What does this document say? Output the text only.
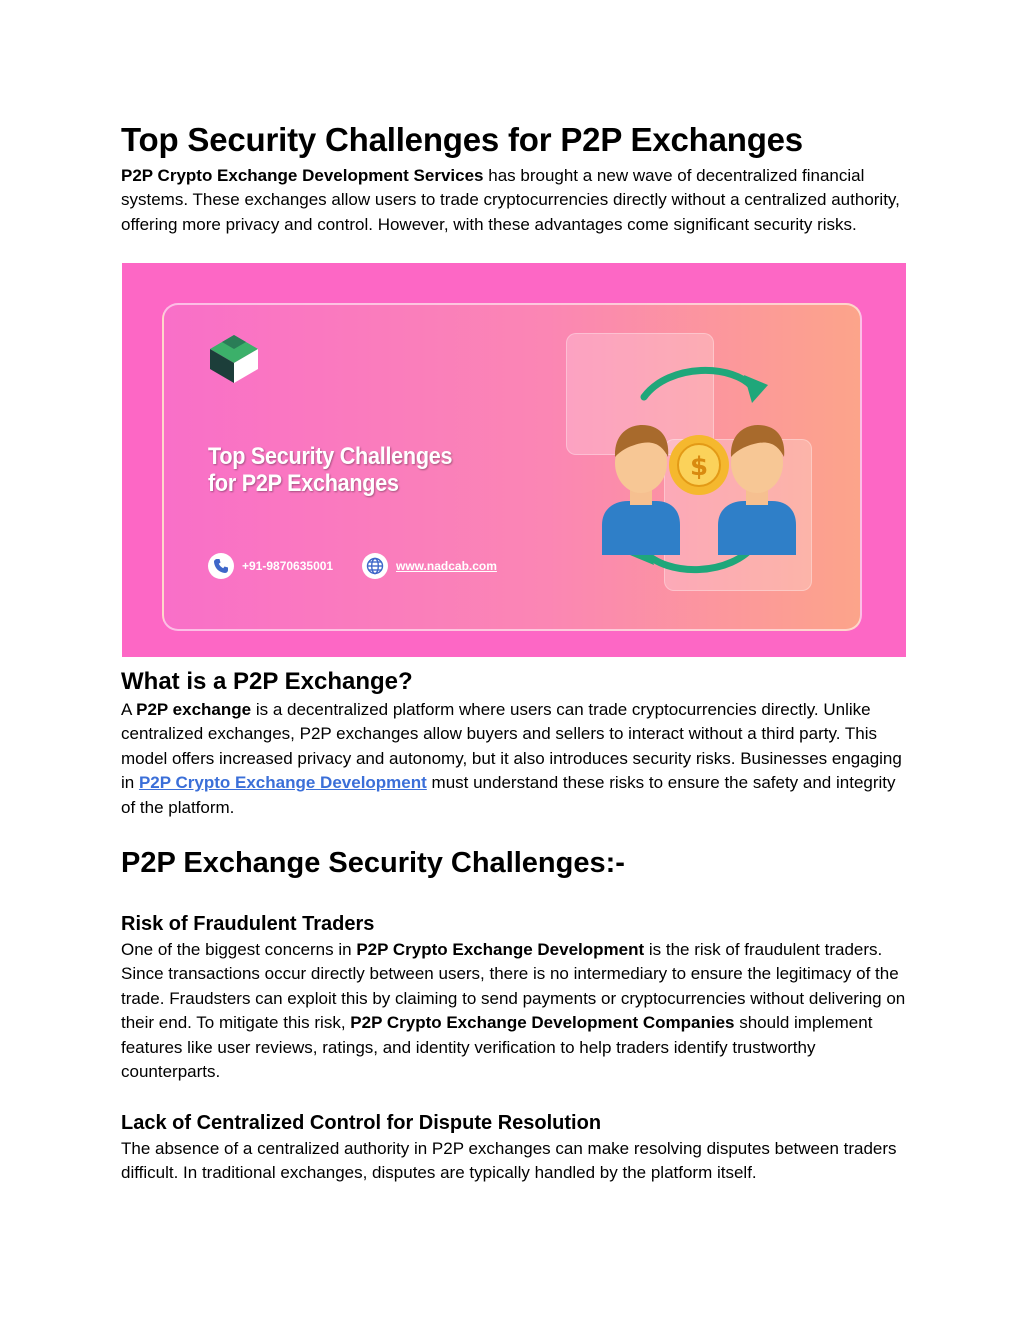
Top Security Challenges for P2P Exchanges

P2P Crypto Exchange Development Services has brought a new wave of decentralized financial systems. These exchanges allow users to trade cryptocurrencies directly without a centralized authority, offering more privacy and control. However, with these advantages come significant security risks.

Top Security Challenges
for P2P Exchanges
+91-9870635001	www.nadcab.com
$
What is a P2P Exchange?

A P2P exchange is a decentralized platform where users can trade cryptocurrencies directly. Unlike centralized exchanges, P2P exchanges allow buyers and sellers to interact without a third party. This model offers increased privacy and autonomy, but it also introduces security risks. Businesses engaging in P2P Crypto Exchange Development must understand these risks to ensure the safety and integrity of the platform.

P2P Exchange Security Challenges:-
Risk of Fraudulent Traders

One of the biggest concerns in P2P Crypto Exchange Development is the risk of fraudulent traders. Since transactions occur directly between users, there is no intermediary to ensure the legitimacy of the trade. Fraudsters can exploit this by claiming to send payments or cryptocurrencies without delivering on their end. To mitigate this risk, P2P Crypto Exchange Development Companies should implement features like user reviews, ratings, and identity verification to help traders identify trustworthy counterparts.

Lack of Centralized Control for Dispute Resolution

The absence of a centralized authority in P2P exchanges can make resolving disputes between traders difficult. In traditional exchanges, disputes are typically handled by the platform itself.
